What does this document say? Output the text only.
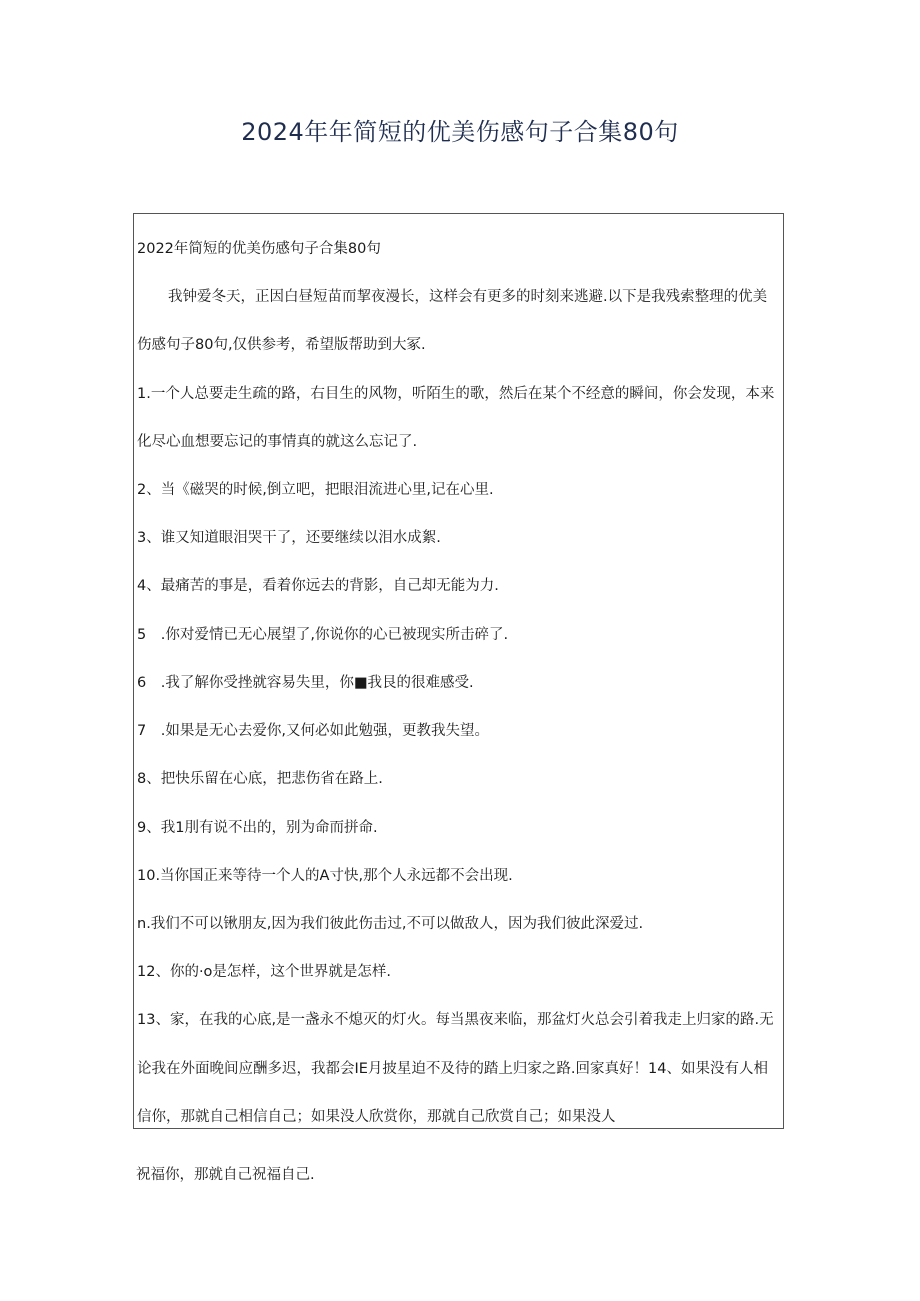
2024年年简短的优美伤感句子合集80句
2022年简短的优美伤感句子合集80句
我钟爱冬天，正因白昼短苗而挈夜漫长，这样会有更多的时刻来逃避.以下是我残索整理的优美
伤感句子80句,仅供参考，希望版帮助到大冢.
1.一个人总要走生疏的路，右目生的风物，听陌生的歌，然后在某个不经意的瞬间，你会发现，本来
化尽心血想要忘记的事情真的就这么忘记了.
2、当《磁哭的时候,倒立吧，把眼泪流进心里,记在心里.
3、谁又知道眼泪哭干了，还要继续以泪水成絮.
4、最痛苦的事是，看着你远去的背影，自己却无能为力.
5　.你对爱情已无心展望了,你说你的心已被现实所击碎了.
6　.我了解你受挫就容易失里，你■我艮的很难感受.
7　.如果是无心去爱你,又何必如此勉强，更教我失望。
8、把快乐留在心底，把悲伤省在路上.
9、我1刖有说不出的，别为命而拼命.
10.当你国正来等待一个人的A寸快,那个人永远都不会出现.
n.我们不可以锹朋友,因为我们彼此伤击过,不可以做敌人，因为我们彼此深爱过.
12、你的·o是怎样，这个世界就是怎样.
13、家，在我的心底,是一盏永不熄灭的灯火。每当黑夜来临，那盆灯火总会引着我走上归家的路.无
论我在外面晚间应酬多迟，我都会IE月披星迫不及待的踏上归家之路.回家真好！14、如果没有人相
信你，那就自己相信自己；如果没人欣赏你，那就自己欣赏自己；如果没人
祝福你，那就自己祝福自己.
